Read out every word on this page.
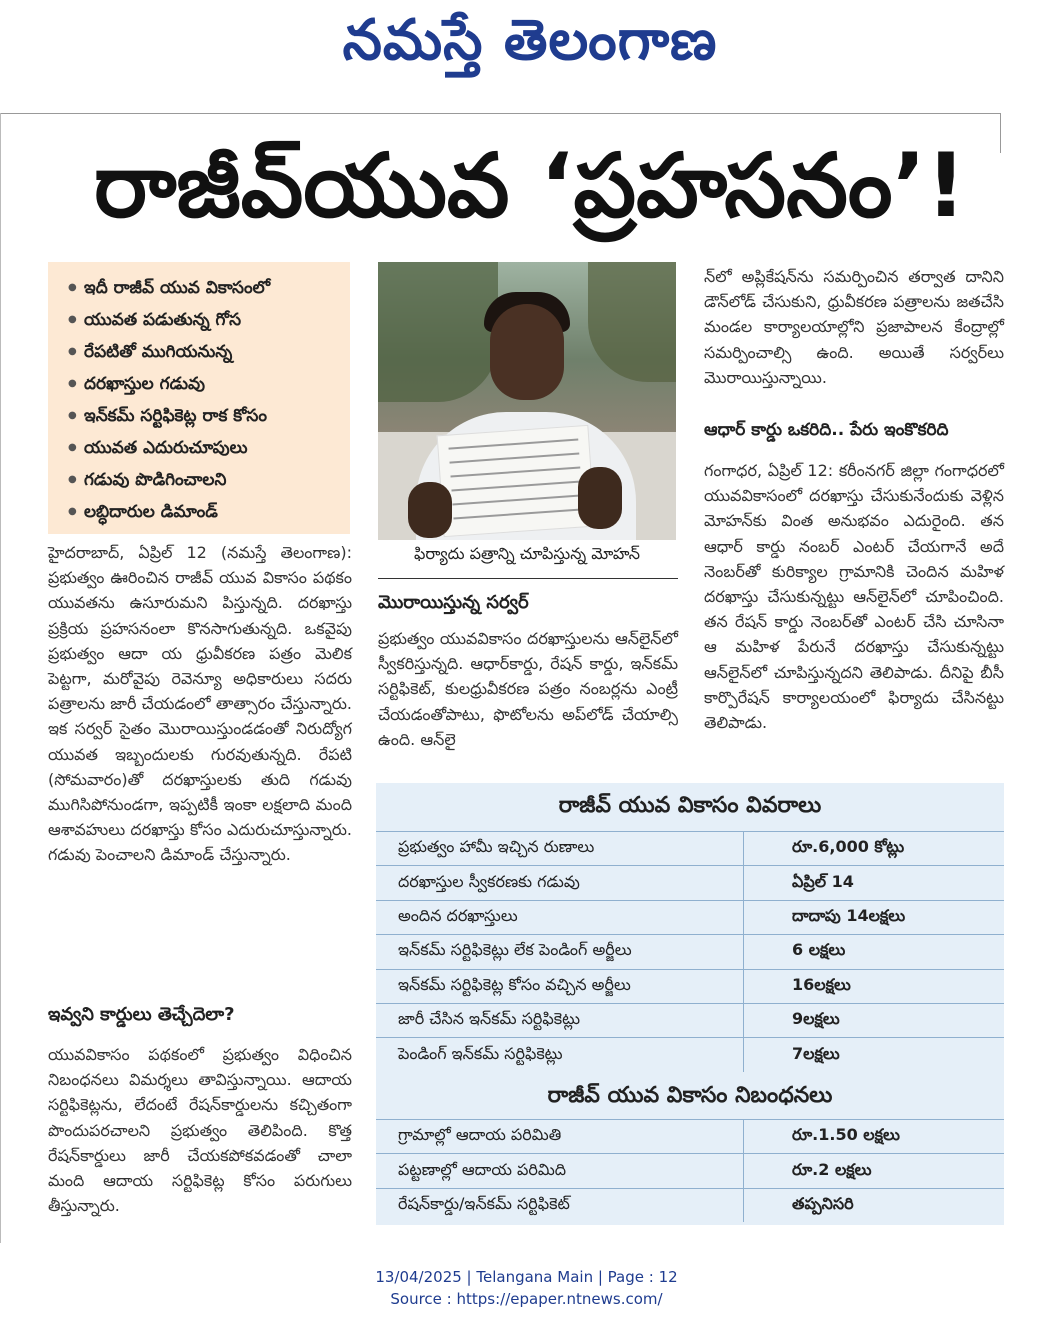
నమస్తే తెలంగాణ
రాజీవ్‌యువ ‘ప్రహసనం’!
● ఇదీ రాజీవ్ యువ వికాసంలో
● యువత పడుతున్న గోస
● రేపటితో ముగియనున్న
● దరఖాస్తుల గడువు
● ఇన్‌కమ్ సర్టిఫికెట్ల రాక కోసం
● యువత ఎదురుచూపులు
● గడువు పొడిగించాలని
● లబ్ధిదారుల డిమాండ్

హైదరాబాద్, ఏప్రిల్ 12 (నమస్తే తెలంగాణ): ప్రభుత్వం ఊరించిన రాజీవ్ యువ వికాసం పథకం యువతను ఉసూరుమని పిస్తున్నది. దరఖాస్తు ప్రక్రియ ప్రహసనంలా కొనసాగుతున్నది. ఒకవైపు ప్రభుత్వం ఆదా య ధ్రువీకరణ పత్రం మెలిక పెట్టగా, మరోవైపు రెవెన్యూ అధికారులు సదరు పత్రాలను జారీ చేయడంలో తాత్సారం చేస్తున్నారు. ఇక సర్వర్ సైతం మొరాయిస్తుండడంతో నిరుద్యోగ యువత ఇబ్బందులకు గురవుతున్నది. రేపటి (సోమవారం)తో దరఖాస్తులకు తుది గడువు ముగిసిపోనుండగా, ఇప్పటికీ ఇంకా లక్షలాది మంది ఆశావహులు దరఖాస్తు కోసం ఎదురుచూస్తున్నారు. గడువు పెంచాలని డిమాండ్ చేస్తున్నారు.

ఇవ్వని కార్డులు తెచ్చేదెలా?

యువవికాసం పథకంలో ప్రభుత్వం విధించిన నిబంధనలు విమర్శలు తావిస్తున్నాయి. ఆదాయ సర్టిఫికెట్లను, లేదంటే రేషన్‌కార్డులను కచ్చితంగా పొందుపరచాలని ప్రభుత్వం తెలిపింది. కొత్త రేషన్‌కార్డులు జారీ చేయకపోకవడంతో చాలా మంది ఆదాయ సర్టిఫికెట్ల కోసం పరుగులు తీస్తున్నారు.

ఫిర్యాదు పత్రాన్ని చూపిస్తున్న మోహన్
మొరాయిస్తున్న సర్వర్

ప్రభుత్వం యువవికాసం దరఖాస్తులను ఆన్‌లైన్‌లో స్వీకరిస్తున్నది. ఆధార్‌కార్డు, రేషన్ కార్డు, ఇన్‌కమ్ సర్టిఫికెట్, కులధ్రువీకరణ పత్రం నంబర్లను ఎంట్రీ చేయడంతోపాటు, ఫొటోలను అప్‌లోడ్ చేయాల్సి ఉంది. ఆన్‌లై

న్‌లో అప్లికేషన్‌ను సమర్పించిన తర్వాత దానిని డౌన్‌లోడ్ చేసుకుని, ధ్రువీకరణ పత్రాలను జతచేసి మండల కార్యాలయాల్లోని ప్రజాపాలన కేంద్రాల్లో సమర్పించాల్సి ఉంది. అయితే సర్వర్‌లు మొరాయిస్తున్నాయి.

ఆధార్ కార్డు ఒకరిది.. పేరు ఇంకొకరిది

గంగాధర, ఏప్రిల్ 12: కరీంనగర్ జిల్లా గంగాధరలో యువవికాసంలో దరఖాస్తు చేసుకునేందుకు వెళ్లిన మోహన్‌కు వింత అనుభవం ఎదురైంది. తన ఆధార్ కార్డు నంబర్ ఎంటర్ చేయగానే అదే నెంబర్‌తో కురిక్యాల గ్రామానికి చెందిన మహిళ దరఖాస్తు చేసుకున్నట్టు ఆన్‌లైన్‌లో చూపించింది. తన రేషన్ కార్డు నెంబర్‌తో ఎంటర్ చేసి చూసినా ఆ మహిళ పేరునే దరఖాస్తు చేసుకున్నట్టు ఆన్‌లైన్‌లో చూపిస్తున్నదని తెలిపాడు. దీనిపై బీసీ కార్పొరేషన్ కార్యాలయంలో ఫిర్యాదు చేసినట్టు తెలిపాడు.

రాజీవ్ యువ వికాసం వివరాలు
ప్రభుత్వం హామీ ఇచ్చిన రుణాలు	రూ.6,000 కోట్లు
దరఖాస్తుల స్వీకరణకు గడువు	ఏప్రిల్ 14
అందిన దరఖాస్తులు	దాదాపు 14లక్షలు
ఇన్‌కమ్ సర్టిఫికెట్లు లేక పెండింగ్ అర్జీలు	6 లక్షలు
ఇన్‌కమ్ సర్టిఫికెట్ల కోసం వచ్చిన అర్జీలు	16లక్షలు
జారీ చేసిన ఇన్‌కమ్ సర్టిఫికెట్లు	9లక్షలు
పెండింగ్ ఇన్‌కమ్ సర్టిఫికెట్లు	7లక్షలు
రాజీవ్ యువ వికాసం నిబంధనలు
గ్రామాల్లో ఆదాయ పరిమితి	రూ.1.50 లక్షలు
పట్టణాల్లో ఆదాయ పరిమిది	రూ.2 లక్షలు
రేషన్‌కార్డు/ఇన్‌కమ్ సర్టిఫికెట్	తప్పనిసరి
13/04/2025 | Telangana Main | Page : 12
Source : https://epaper.ntnews.com/
